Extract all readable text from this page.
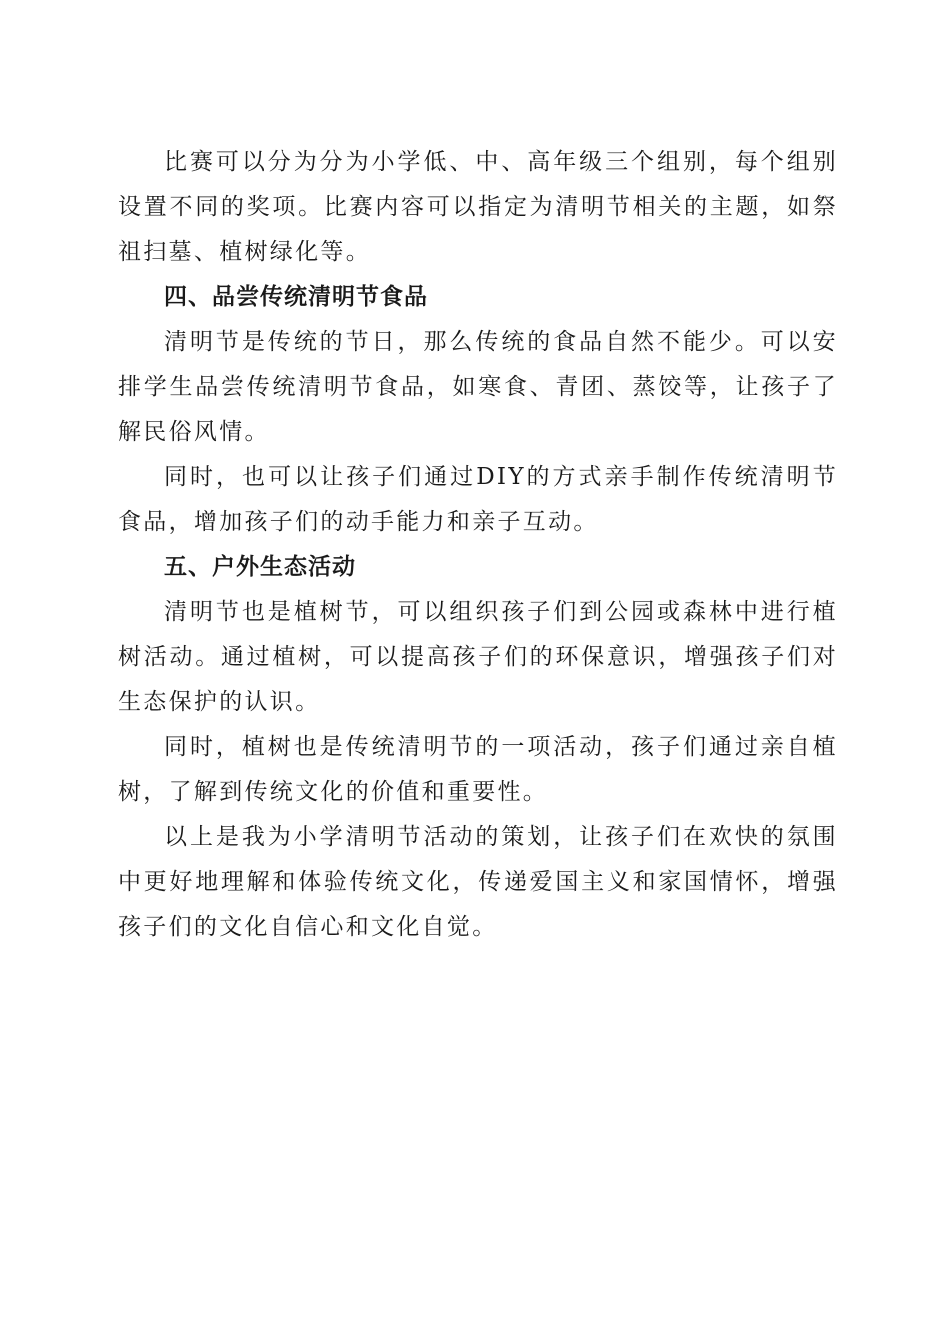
比赛可以分为分为小学低、中、高年级三个组别，每个组别设置不同的奖项。比赛内容可以指定为清明节相关的主题，如祭祖扫墓、植树绿化等。

四、品尝传统清明节食品

清明节是传统的节日，那么传统的食品自然不能少。可以安排学生品尝传统清明节食品，如寒食、青团、蒸饺等，让孩子了解民俗风情。

同时，也可以让孩子们通过DIY的方式亲手制作传统清明节食品，增加孩子们的动手能力和亲子互动。

五、户外生态活动

清明节也是植树节，可以组织孩子们到公园或森林中进行植树活动。通过植树，可以提高孩子们的环保意识，增强孩子们对生态保护的认识。

同时，植树也是传统清明节的一项活动，孩子们通过亲自植树，了解到传统文化的价值和重要性。

以上是我为小学清明节活动的策划，让孩子们在欢快的氛围中更好地理解和体验传统文化，传递爱国主义和家国情怀，增强孩子们的文化自信心和文化自觉。
